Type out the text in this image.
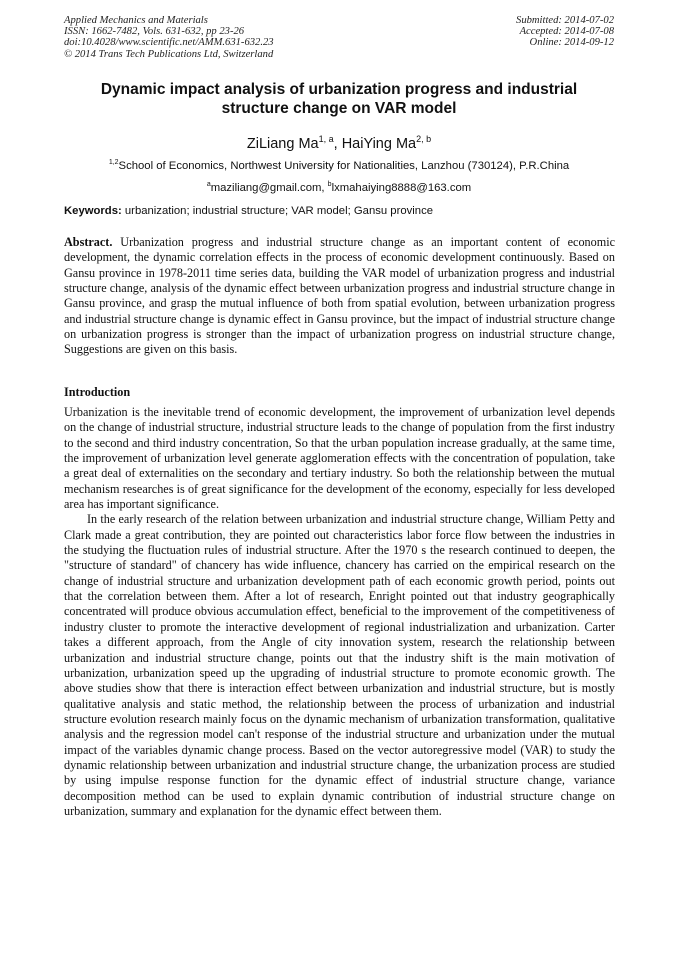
Applied Mechanics and Materials
ISSN: 1662-7482, Vols. 631-632, pp 23-26
doi:10.4028/www.scientific.net/AMM.631-632.23
© 2014 Trans Tech Publications Ltd, Switzerland
Submitted: 2014-07-02
Accepted: 2014-07-08
Online: 2014-09-12
Dynamic impact analysis of urbanization progress and industrial
structure change on VAR model
ZiLiang Ma$^{1, a}$, HaiYing Ma$^{2, b}$
$^{1,2}$School of Economics, Northwest University for Nationalities, Lanzhou (730124), P.R.China
$^a$maziliang@gmail.com, $^b$lxmahaiying8888@163.com
Keywords: urbanization; industrial structure; VAR model; Gansu province
Abstract. Urbanization progress and industrial structure change as an important content of economic development, the dynamic correlation effects in the process of economic development continuously. Based on Gansu province in 1978-2011 time series data, building the VAR model of urbanization progress and industrial structure change, analysis of the dynamic effect between urbanization progress and industrial structure change in Gansu province, and grasp the mutual influence of both from spatial evolution, between urbanization progress and industrial structure change is dynamic effect in Gansu province, but the impact of industrial structure change on urbanization progress is stronger than the impact of urbanization progress on industrial structure change, Suggestions are given on this basis.
Introduction

Urbanization is the inevitable trend of economic development, the improvement of urbanization level depends on the change of industrial structure, industrial structure leads to the change of population from the first industry to the second and third industry concentration, So that the urban population increase gradually, at the same time, the improvement of urbanization level generate agglomeration effects with the concentration of population, take a great deal of externalities on the secondary and tertiary industry. So both the relationship between the mutual mechanism researches is of great significance for the development of the economy, especially for less developed area has important significance.

In the early research of the relation between urbanization and industrial structure change, William Petty and Clark made a great contribution, they are pointed out characteristics labor force flow between the industries in the studying the fluctuation rules of industrial structure. After the 1970 s the research continued to deepen, the "structure of standard" of chancery has wide influence, chancery has carried on the empirical research on the change of industrial structure and urbanization development path of each economic growth period, points out that the correlation between them. After a lot of research, Enright pointed out that industry geographically concentrated will produce obvious accumulation effect, beneficial to the improvement of the competitiveness of industry cluster to promote the interactive development of regional industrialization and urbanization. Carter takes a different approach, from the Angle of city innovation system, research the relationship between urbanization and industrial structure change, points out that the industry shift is the main motivation of urbanization, urbanization speed up the upgrading of industrial structure to promote economic growth. The above studies show that there is interaction effect between urbanization and industrial structure, but is mostly qualitative analysis and static method, the relationship between the process of urbanization and industrial structure evolution research mainly focus on the dynamic mechanism of urbanization transformation, qualitative analysis and the regression model can't response of the industrial structure and urbanization under the mutual impact of the variables dynamic change process. Based on the vector autoregressive model (VAR) to study the dynamic relationship between urbanization and industrial structure change, the urbanization process are studied by using impulse response function for the dynamic effect of industrial structure change, variance decomposition method can be used to explain dynamic contribution of industrial structure change on urbanization, summary and explanation for the dynamic effect between them.
